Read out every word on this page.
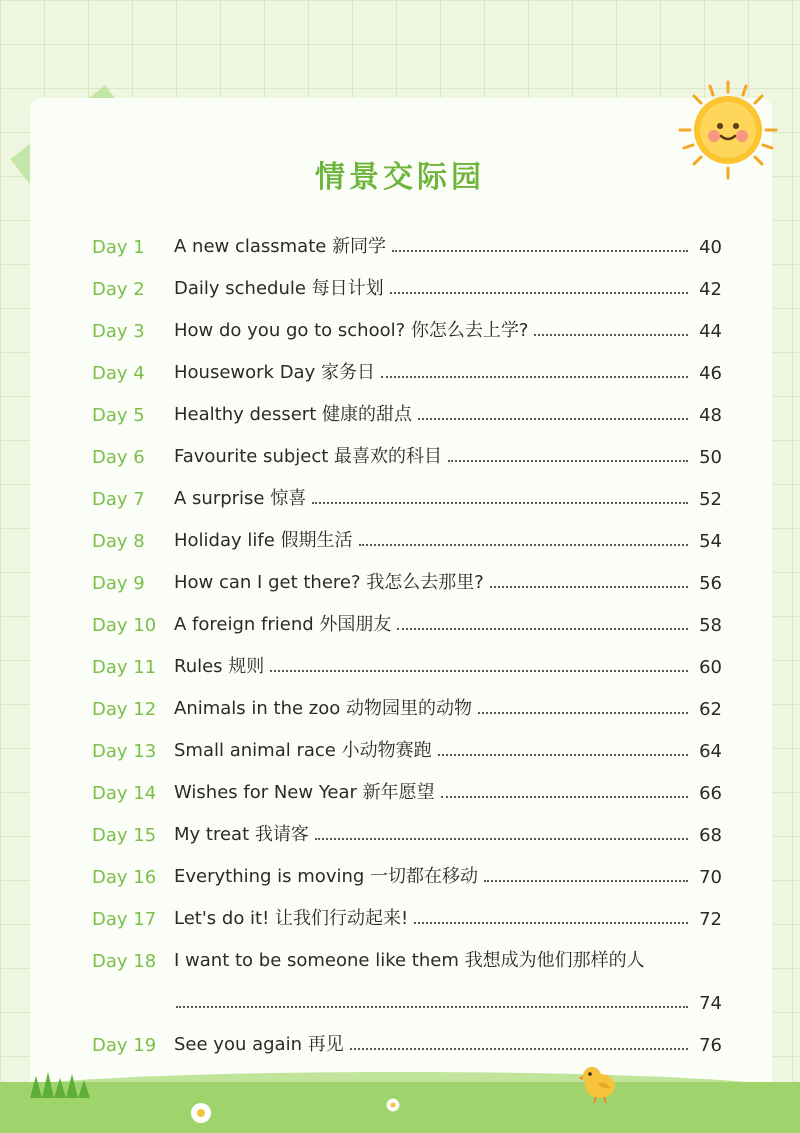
情景交际园
Day 1	A new classmate 新同学	40
Day 2	Daily schedule 每日计划	42
Day 3	How do you go to school? 你怎么去上学?	44
Day 4	Housework Day 家务日	46
Day 5	Healthy dessert 健康的甜点	48
Day 6	Favourite subject 最喜欢的科目	50
Day 7	A surprise 惊喜	52
Day 8	Holiday life 假期生活	54
Day 9	How can I get there? 我怎么去那里?	56
Day 10 A foreign friend 外国朋友	58
Day 11 Rules 规则	60
Day 12 Animals in the zoo 动物园里的动物	62
Day 13 Small animal race 小动物赛跑	64
Day 14 Wishes for New Year 新年愿望	66
Day 15 My treat 我请客	68
Day 16 Everything is moving 一切都在移动	70
Day 17 Let's do it! 让我们行动起来!	72
Day 18 I want to be someone like them 我想成为他们那样的人
74
Day 19 See you again 再见	76
